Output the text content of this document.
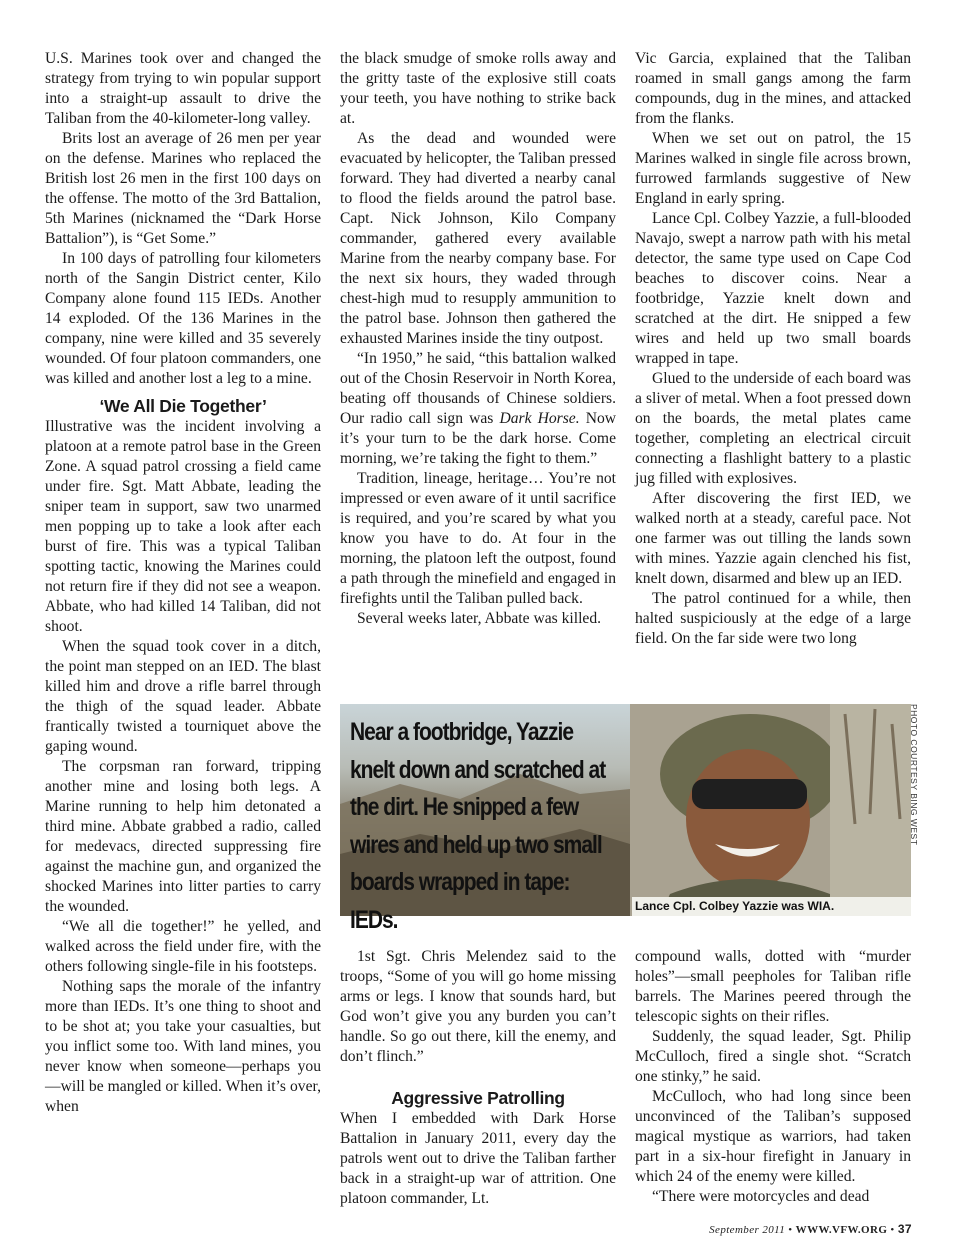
U.S. Marines took over and changed the strategy from trying to win popular support into a straight-up assault to drive the Taliban from the 40-kilometer-long valley.

Brits lost an average of 26 men per year on the defense. Marines who replaced the British lost 26 men in the first 100 days on the offense. The motto of the 3rd Battalion, 5th Marines (nicknamed the “Dark Horse Battalion”), is “Get Some.”

In 100 days of patrolling four kilometers north of the Sangin District center, Kilo Company alone found 115 IEDs. Another 14 exploded. Of the 136 Marines in the company, nine were killed and 35 severely wounded. Of four platoon commanders, one was killed and another lost a leg to a mine.

‘We All Die Together’

Illustrative was the incident involving a platoon at a remote patrol base in the Green Zone. A squad patrol crossing a field came under fire. Sgt. Matt Abbate, leading the sniper team in support, saw two unarmed men popping up to take a look after each burst of fire. This was a typical Taliban spotting tactic, knowing the Marines could not return fire if they did not see a weapon. Abbate, who had killed 14 Taliban, did not shoot.

When the squad took cover in a ditch, the point man stepped on an IED. The blast killed him and drove a rifle barrel through the thigh of the squad leader. Abbate frantically twisted a tourniquet above the gaping wound.

The corpsman ran forward, tripping another mine and losing both legs. A Marine running to help him detonated a third mine. Abbate grabbed a radio, called for medevacs, directed suppressing fire against the machine gun, and organized the shocked Marines into litter parties to carry the wounded.

“We all die together!” he yelled, and walked across the field under fire, with the others following single-file in his footsteps.

Nothing saps the morale of the infantry more than IEDs. It’s one thing to shoot and to be shot at; you take your casualties, but you inflict some too. With land mines, you never know when someone—perhaps you—will be mangled or killed. When it’s over, when

the black smudge of smoke rolls away and the gritty taste of the explosive still coats your teeth, you have nothing to strike back at.

As the dead and wounded were evacuated by helicopter, the Taliban pressed forward. They had diverted a nearby canal to flood the fields around the patrol base. Capt. Nick Johnson, Kilo Company commander, gathered every available Marine from the nearby company base. For the next six hours, they waded through chest-high mud to resupply ammunition to the patrol base. Johnson then gathered the exhausted Marines inside the tiny outpost.

“In 1950,” he said, “this battalion walked out of the Chosin Reservoir in North Korea, beating off thousands of Chinese soldiers. Our radio call sign was Dark Horse. Now it’s your turn to be the dark horse. Come morning, we’re taking the fight to them.”

Tradition, lineage, heritage… You’re not impressed or even aware of it until sacrifice is required, and you’re scared by what you know you have to do. At four in the morning, the platoon left the outpost, found a path through the minefield and engaged in firefights until the Taliban pulled back.

Several weeks later, Abbate was killed.

Vic Garcia, explained that the Taliban roamed in small gangs among the farm compounds, dug in the mines, and attacked from the flanks.

When we set out on patrol, the 15 Marines walked in single file across brown, furrowed farmlands suggestive of New England in early spring.

Lance Cpl. Colbey Yazzie, a full-blooded Navajo, swept a narrow path with his metal detector, the same type used on Cape Cod beaches to discover coins. Near a footbridge, Yazzie knelt down and scratched at the dirt. He snipped a few wires and held up two small boards wrapped in tape.

Glued to the underside of each board was a sliver of metal. When a foot pressed down on the boards, the metal plates came together, completing an electrical circuit connecting a flashlight battery to a plastic jug filled with explosives.

After discovering the first IED, we walked north at a steady, careful pace. Not one farmer was out tilling the lands sown with mines. Yazzie again clenched his fist, knelt down, disarmed and blew up an IED.

The patrol continued for a while, then halted suspiciously at the edge of a large field. On the far side were two long

Near a footbridge, Yazzie knelt down and scratched at the dirt. He snipped a few wires and held up two small boards wrapped in tape: IEDs.	Lance Cpl. Colbey Yazzie was WIA.
PHOTO COURTESY BING WEST

1st Sgt. Chris Melendez said to the troops, “Some of you will go home missing arms or legs. I know that sounds hard, but God won’t give you any burden you can’t handle. So go out there, kill the enemy, and don’t flinch.”

Aggressive Patrolling

When I embedded with Dark Horse Battalion in January 2011, every day the patrols went out to drive the Taliban farther back in a straight-up war of attrition. One platoon commander, Lt.

compound walls, dotted with “murder holes”—small peepholes for Taliban rifle barrels. The Marines peered through the telescopic sights on their rifles.

Suddenly, the squad leader, Sgt. Philip McCulloch, fired a single shot. “Scratch one stinky,” he said.

McCulloch, who had long since been unconvinced of the Taliban’s supposed magical mystique as warriors, had taken part in a six-hour firefight in January in which 24 of the enemy were killed.

“There were motorcycles and dead

September 2011 • WWW.VFW.ORG • 37
